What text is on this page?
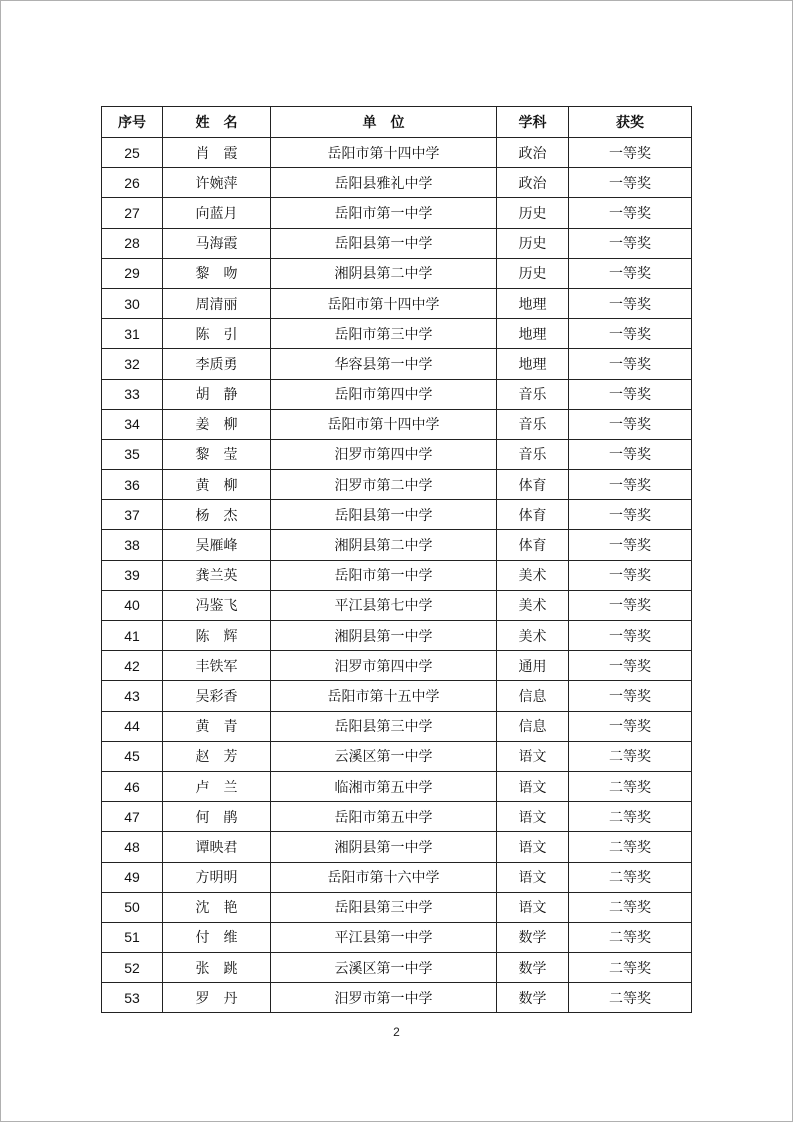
序号	姓　名	单　位	学科	获奖
25	肖　霞	岳阳市第十四中学	政治	一等奖
26	许婉萍	岳阳县雅礼中学	政治	一等奖
27	向蓝月	岳阳市第一中学	历史	一等奖
28	马海霞	岳阳县第一中学	历史	一等奖
29	黎　吻	湘阴县第二中学	历史	一等奖
30	周清丽	岳阳市第十四中学	地理	一等奖
31	陈　引	岳阳市第三中学	地理	一等奖
32	李质勇	华容县第一中学	地理	一等奖
33	胡　静	岳阳市第四中学	音乐	一等奖
34	姜　柳	岳阳市第十四中学	音乐	一等奖
35	黎　莹	汨罗市第四中学	音乐	一等奖
36	黄　柳	汨罗市第二中学	体育	一等奖
37	杨　杰	岳阳县第一中学	体育	一等奖
38	吴雁峰	湘阴县第二中学	体育	一等奖
39	龚兰英	岳阳市第一中学	美术	一等奖
40	冯鉴飞	平江县第七中学	美术	一等奖
41	陈　辉	湘阴县第一中学	美术	一等奖
42	丰铁军	汨罗市第四中学	通用	一等奖
43	吴彩香	岳阳市第十五中学	信息	一等奖
44	黄　青	岳阳县第三中学	信息	一等奖
45	赵　芳	云溪区第一中学	语文	二等奖
46	卢　兰	临湘市第五中学	语文	二等奖
47	何　鹃	岳阳市第五中学	语文	二等奖
48	谭映君	湘阴县第一中学	语文	二等奖
49	方明明	岳阳市第十六中学	语文	二等奖
50	沈　艳	岳阳县第三中学	语文	二等奖
51	付　维	平江县第一中学	数学	二等奖
52	张　跳	云溪区第一中学	数学	二等奖
53	罗　丹	汨罗市第一中学	数学	二等奖
2
